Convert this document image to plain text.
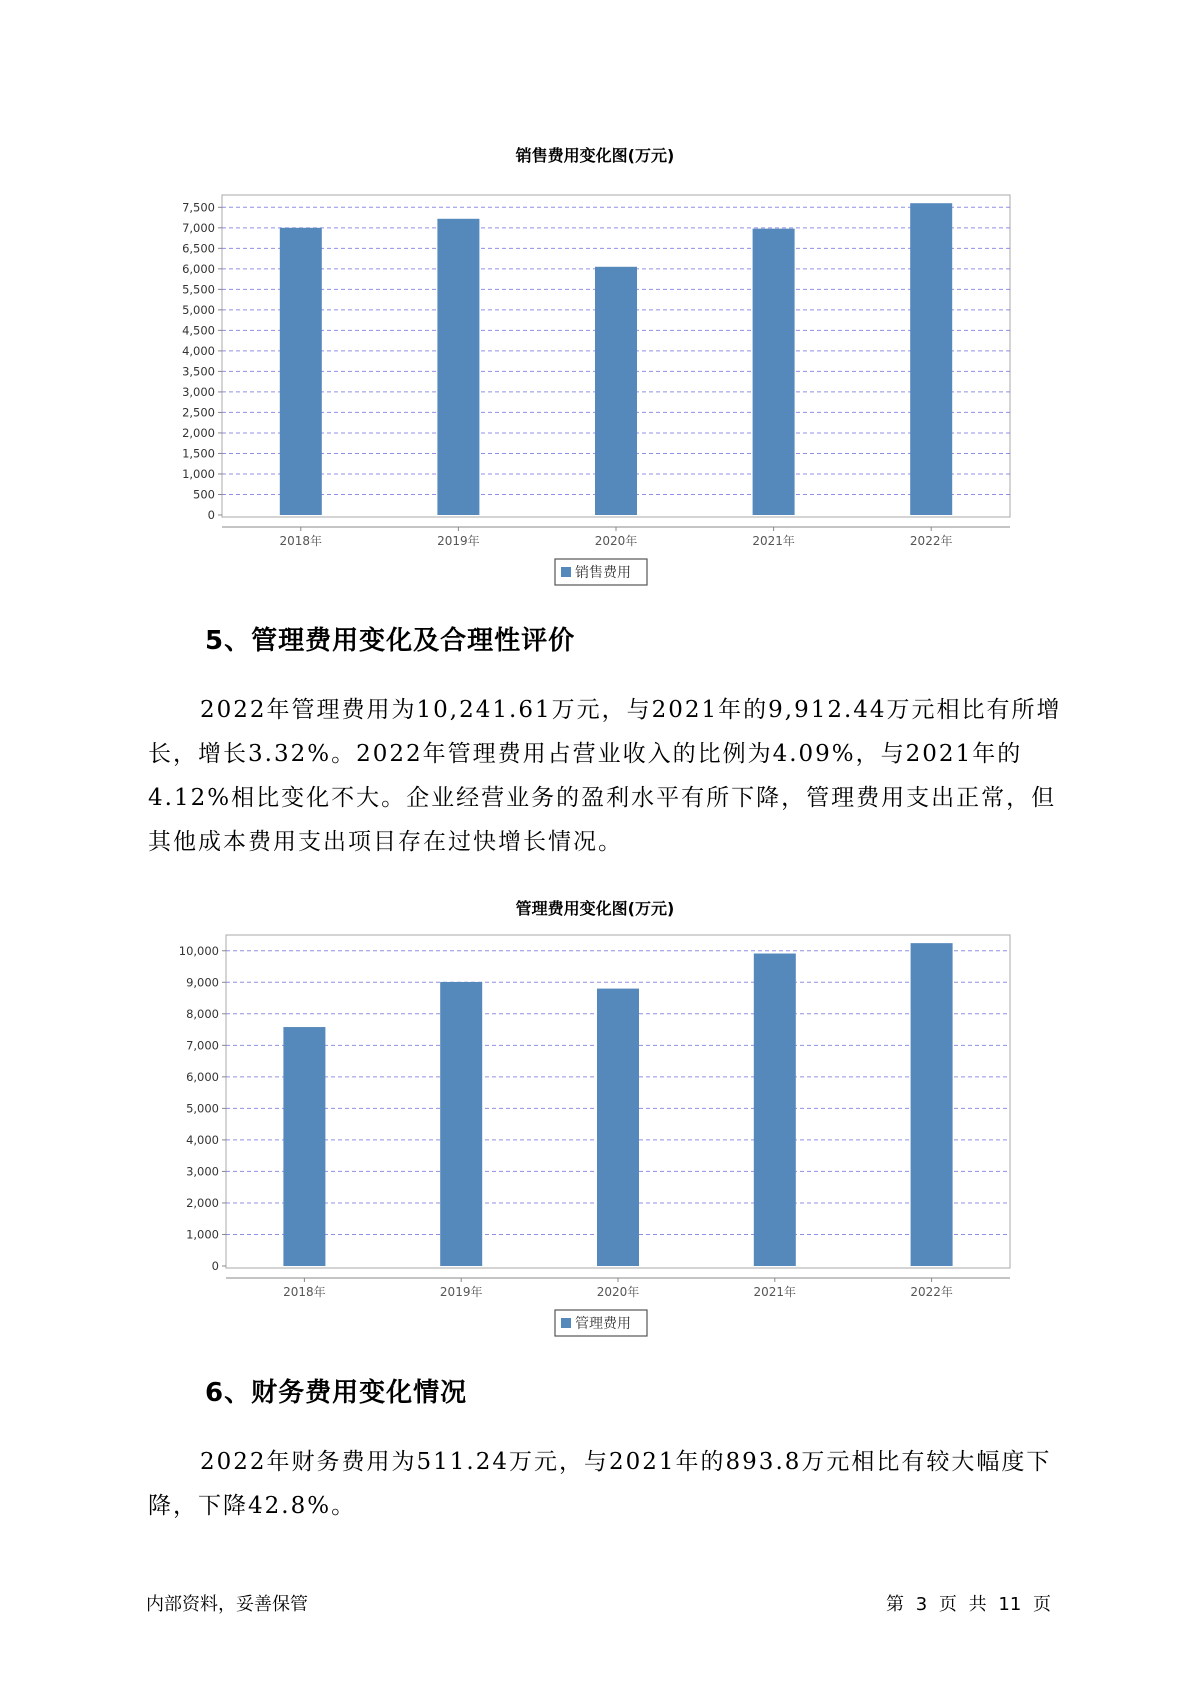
销售费用变化图(万元)
0
500
1,000
1,500
2,000
2,500
3,000
3,500
4,000
4,500
5,000
5,500
6,000
6,500
7,000
7,500
2018年	2019年	2020年	2021年	2022年
销售费用
5、管理费用变化及合理性评价
2022年管理费用为10,241.61万元，与2021年的9,912.44万元相比有所增长，增长3.32%。2022年管理费用占营业收入的比例为4.09%，与2021年的4.12%相比变化不大。企业经营业务的盈利水平有所下降，管理费用支出正常，但其他成本费用支出项目存在过快增长情况。
管理费用变化图(万元)
0
1,000
2,000
3,000
4,000
5,000
6,000
7,000
8,000
9,000
10,000
2018年	2019年	2020年	2021年	2022年
管理费用
6、财务费用变化情况
2022年财务费用为511.24万元，与2021年的893.8万元相比有较大幅度下降，下降42.8%。
内部资料，妥善保管	第 3 页 共 11 页
